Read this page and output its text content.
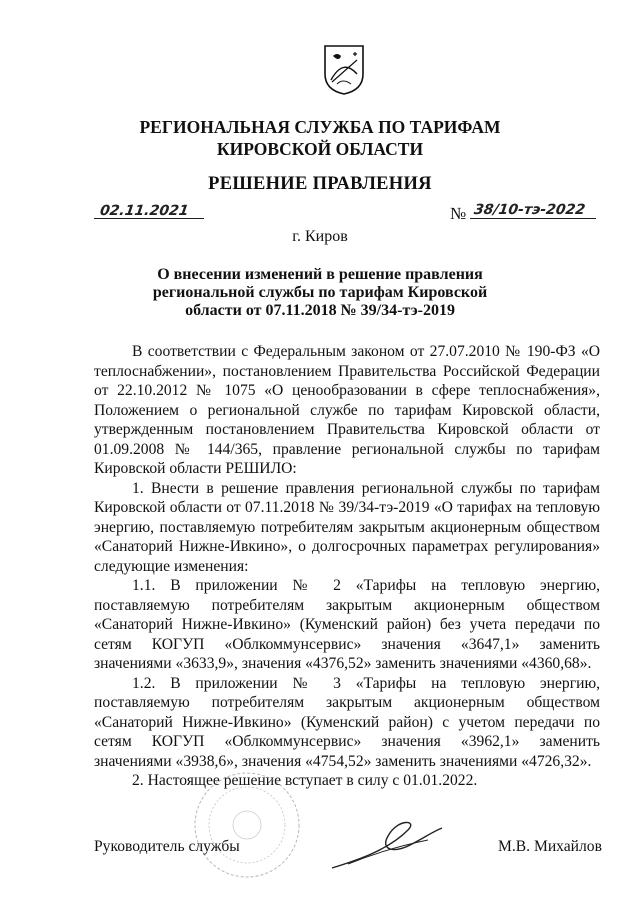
РЕГИОНАЛЬНАЯ СЛУЖБА ПО ТАРИФАМ
КИРОВСКОЙ ОБЛАСТИ
РЕШЕНИЕ ПРАВЛЕНИЯ
02.11.2021	№ 38/10-тэ-2022
г. Киров
О внесении изменений в решение правления
региональной службы по тарифам Кировской
области от 07.11.2018 № 39/34-тэ-2019

В соответствии с Федеральным законом от 27.07.2010 № 190-ФЗ «О теплоснабжении», постановлением Правительства Российской Федерации от 22.10.2012 № 1075 «О ценообразовании в сфере теплоснабжения», Положением о региональной службе по тарифам Кировской области, утвержденным постановлением Правительства Кировской области от 01.09.2008 № 144/365, правление региональной службы по тарифам Кировской области РЕШИЛО:

1. Внести в решение правления региональной службы по тарифам Кировской области от 07.11.2018 № 39/34-тэ-2019 «О тарифах на тепловую энергию, поставляемую потребителям закрытым акционерным обществом «Санаторий Нижне-Ивкино», о долгосрочных параметрах регулирования» следующие изменения:

1.1. В приложении № 2 «Тарифы на тепловую энергию, поставляемую потребителям закрытым акционерным обществом «Санаторий Нижне-Ивкино» (Куменский район) без учета передачи по сетям КОГУП «Облкоммунсервис» значения «3647,1» заменить значениями «3633,9», значения «4376,52» заменить значениями «4360,68».

1.2. В приложении № 3 «Тарифы на тепловую энергию, поставляемую потребителям закрытым акционерным обществом «Санаторий Нижне-Ивкино» (Куменский район) с учетом передачи по сетям КОГУП «Облкоммунсервис» значения «3962,1» заменить значениями «3938,6», значения «4754,52» заменить значениями «4726,32».

2. Настоящее решение вступает в силу с 01.01.2022.

Руководитель службы	М.В. Михайлов
